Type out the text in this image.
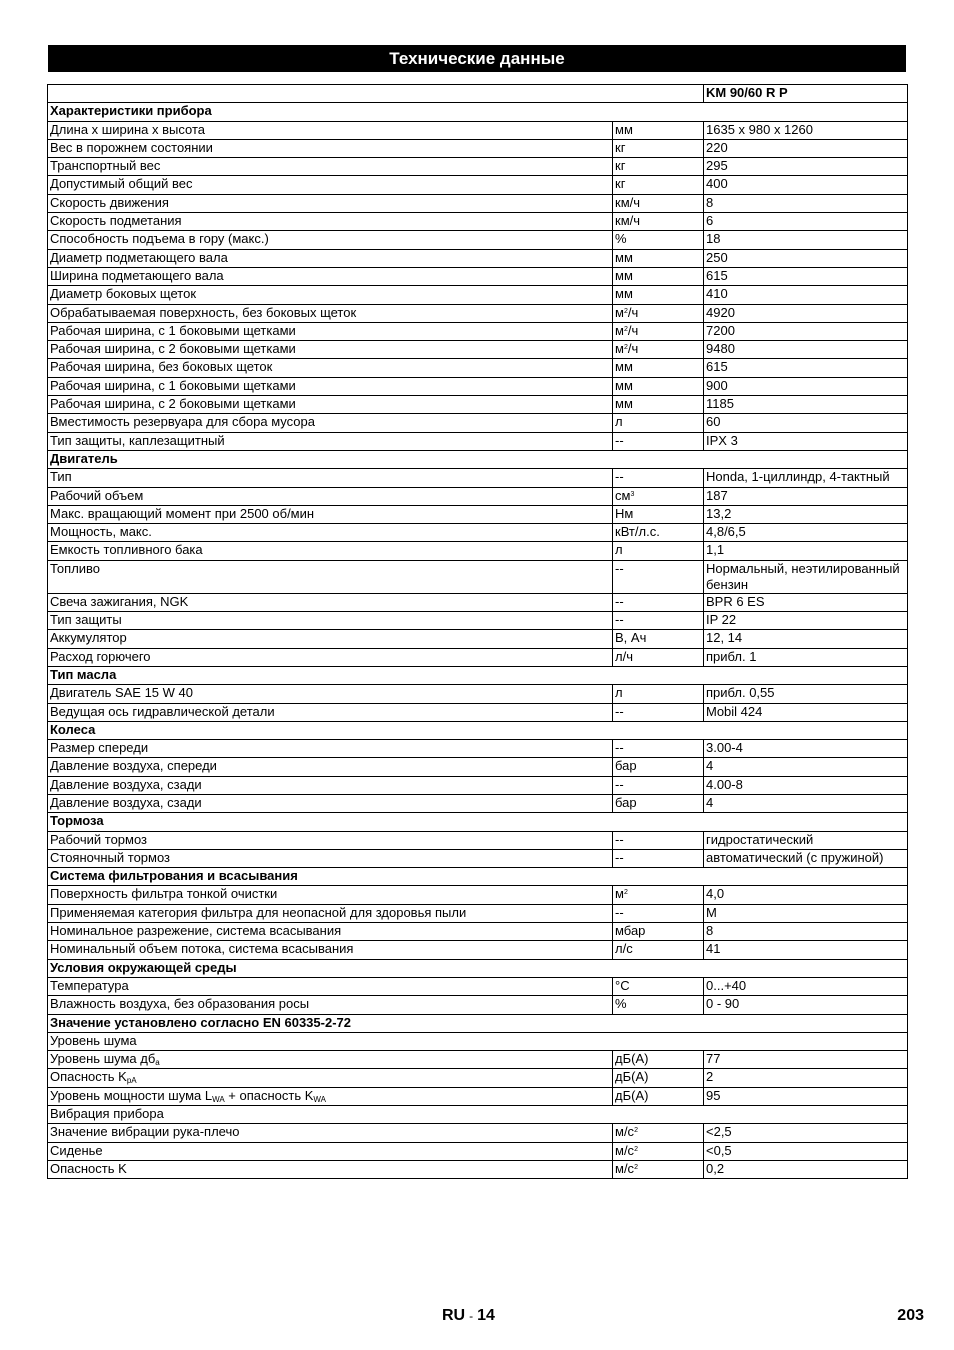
Технические данные
		KM 90/60 R P
Характеристики прибора		
Длина x ширина x высота	мм	1635 x 980 x 1260
Вес в порожнем состоянии	кг	220
Транспортный вес	кг	295
Допустимый общий вес	кг	400
Скорость движения	км/ч	8
Скорость подметания	км/ч	6
Способность подъема в гору (макс.)	%	18
Диаметр подметающего вала	мм	250
Ширина подметающего вала	мм	615
Диаметр боковых щеток	мм	410
Обрабатываемая поверхность, без боковых щеток	$м^2/ч$	4920
Рабочая ширина, с 1 боковыми щетками	$м^2/ч$	7200
Рабочая ширина, с 2 боковыми щетками	$м^2/ч$	9480
Рабочая ширина, без боковых щеток	мм	615
Рабочая ширина, с 1 боковыми щетками	мм	900
Рабочая ширина, с 2 боковыми щетками	мм	1185
Вместимость резервуара для сбора мусора	л	60
Тип защиты, каплезащитный	--	IPX 3
Двигатель		
Тип	--	Honda, 1-циллиндр, 4-тактный
Рабочий объем	$см^3$	187
Макс. вращающий момент при 2500 об/мин	Нм	13,2
Мощность, макс.	кВт/л.с.	4,8/6,5
Емкость топливного бака	л	1,1
Топливо	--	Нормальный, неэтилированный бензин
Свеча зажигания, NGK	--	BPR 6 ES
Тип защиты	--	IP 22
Аккумулятор	В, Ач	12, 14
Расход горючего	л/ч	прибл. 1
Тип масла		
Двигатель SAE 15 W 40	л	прибл. 0,55
Ведущая ось гидравлической детали	--	Mobil 424
Колеса		
Размер спереди	--	3.00-4
Давление воздуха, спереди	бар	4
Давление воздуха, сзади	--	4.00-8
Давление воздуха, сзади	бар	4
Тормоза		
Рабочий тормоз	--	гидростатический
Стояночный тормоз	--	автоматический (с пружиной)
Система фильтрования и всасывания		
Поверхность фильтра тонкой очистки	$м^2$	4,0
Применяемая категория фильтра для неопасной для здоровья пыли	--	M
Номинальное разрежение, система всасывания	мбар	8
Номинальный объем потока, система всасывания	л/с	41
Условия окружающей среды		
Температура	°C	0...+40
Влажность воздуха, без образования росы	%	0 - 90
Значение установлено согласно EN 60335-2-72		
Уровень шума		
Уровень шума $дб_a$	дБ(A)	77
Опасность $K_{pA}$	дБ(A)	2
Уровень мощности шума $L_{WA}$ + опасность $K_{WA}$	дБ(A)	95
Вибрация прибора		
Значение вибрации рука-плечо	$м/с^2$	<2,5
Сиденье	$м/с^2$	<0,5
Опасность K	$м/с^2$	0,2
RU - 14	203
